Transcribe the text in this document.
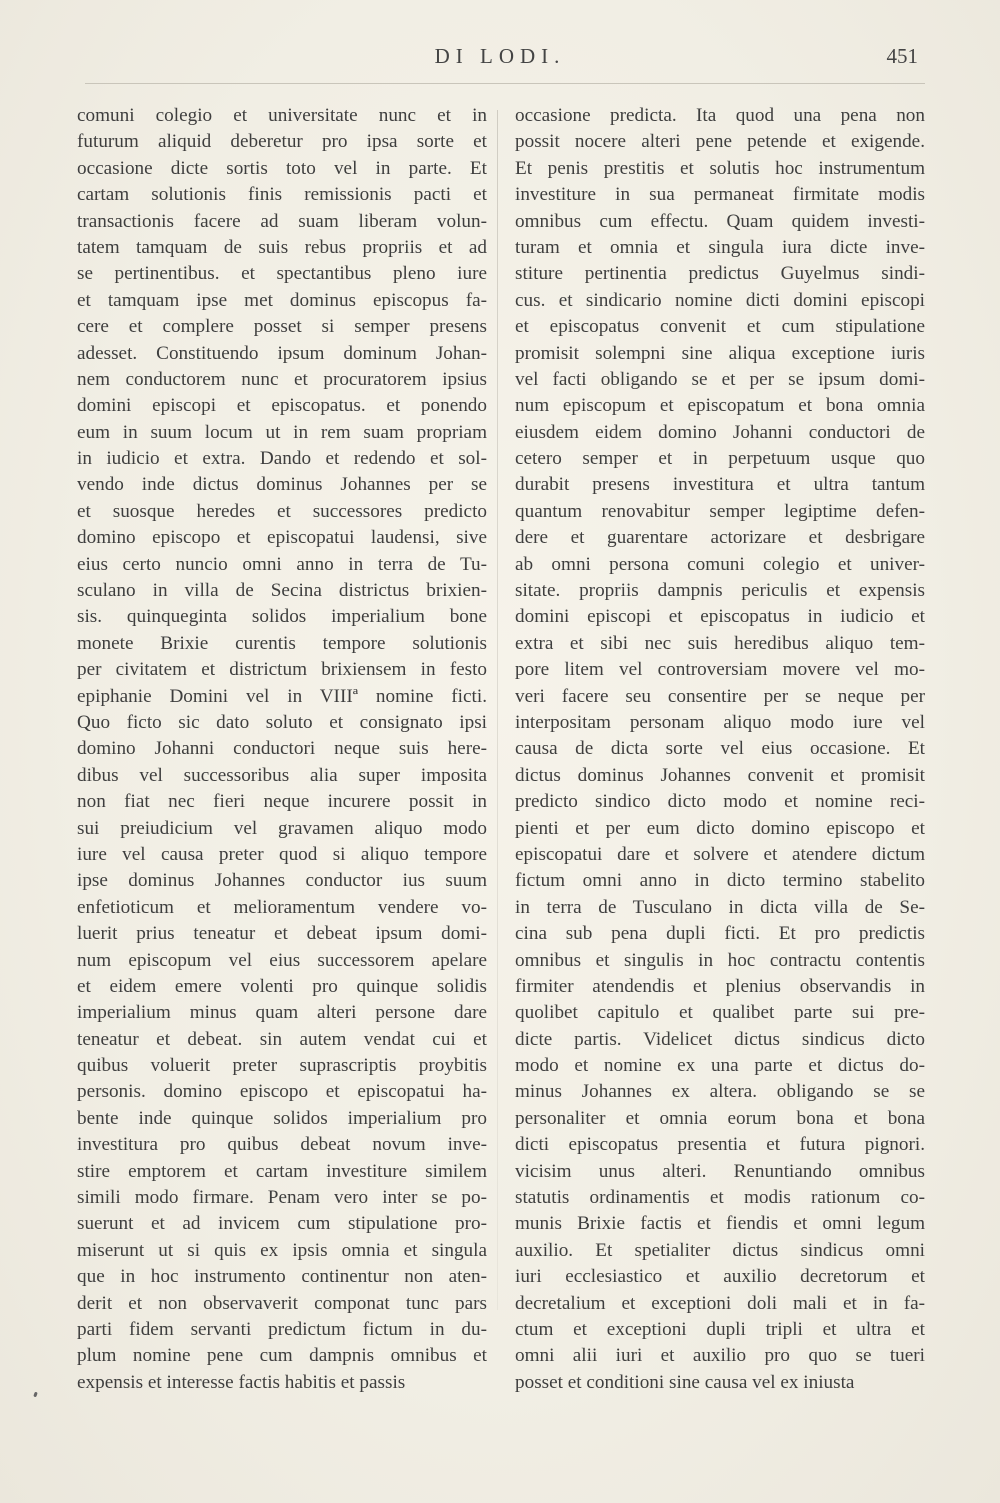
DI LODI.	451
comuni colegio et universitate nunc et in
futurum aliquid deberetur pro ipsa sorte et
occasione dicte sortis toto vel in parte. Et
cartam solutionis finis remissionis pacti et
transactionis facere ad suam liberam volun-
tatem tamquam de suis rebus propriis et ad
se pertinentibus. et spectantibus pleno iure
et tamquam ipse met dominus episcopus fa-
cere et complere posset si semper presens
adesset. Constituendo ipsum dominum Johan-
nem conductorem nunc et procuratorem ipsius
domini episcopi et episcopatus. et ponendo
eum in suum locum ut in rem suam propriam
in iudicio et extra. Dando et redendo et sol-
vendo inde dictus dominus Johannes per se
et suosque heredes et successores predicto
domino episcopo et episcopatui laudensi, sive
eius certo nuncio omni anno in terra de Tu-
sculano in villa de Secina districtus brixien-
sis. quinqueginta solidos imperialium bone
monete Brixie curentis tempore solutionis
per civitatem et districtum brixiensem in festo
epiphanie Domini vel in VIIIª nomine ficti.
Quo ficto sic dato soluto et consignato ipsi
domino Johanni conductori neque suis here-
dibus vel successoribus alia super imposita
non fiat nec fieri neque incurere possit in
sui preiudicium vel gravamen aliquo modo
iure vel causa preter quod si aliquo tempore
ipse dominus Johannes conductor ius suum
enfetioticum et melioramentum vendere vo-
luerit prius teneatur et debeat ipsum domi-
num episcopum vel eius successorem apelare
et eidem emere volenti pro quinque solidis
imperialium minus quam alteri persone dare
teneatur et debeat. sin autem vendat cui et
quibus voluerit preter suprascriptis proybitis
personis. domino episcopo et episcopatui ha-
bente inde quinque solidos imperialium pro
investitura pro quibus debeat novum inve-
stire emptorem et cartam investiture similem
simili modo firmare. Penam vero inter se po-
suerunt et ad invicem cum stipulatione pro-
miserunt ut si quis ex ipsis omnia et singula
que in hoc instrumento continentur non aten-
derit et non observaverit componat tunc pars
parti fidem servanti predictum fictum in du-
plum nomine pene cum dampnis omnibus et
expensis et interesse factis habitis et passis
occasione predicta. Ita quod una pena non
possit nocere alteri pene petende et exigende.
Et penis prestitis et solutis hoc instrumentum
investiture in sua permaneat firmitate modis
omnibus cum effectu. Quam quidem investi-
turam et omnia et singula iura dicte inve-
stiture pertinentia predictus Guyelmus sindi-
cus. et sindicario nomine dicti domini episcopi
et episcopatus convenit et cum stipulatione
promisit solempni sine aliqua exceptione iuris
vel facti obligando se et per se ipsum domi-
num episcopum et episcopatum et bona omnia
eiusdem eidem domino Johanni conductori de
cetero semper et in perpetuum usque quo
durabit presens investitura et ultra tantum
quantum renovabitur semper legiptime defen-
dere et guarentare actorizare et desbrigare
ab omni persona comuni colegio et univer-
sitate. propriis dampnis periculis et expensis
domini episcopi et episcopatus in iudicio et
extra et sibi nec suis heredibus aliquo tem-
pore litem vel controversiam movere vel mo-
veri facere seu consentire per se neque per
interpositam personam aliquo modo iure vel
causa de dicta sorte vel eius occasione. Et
dictus dominus Johannes convenit et promisit
predicto sindico dicto modo et nomine reci-
pienti et per eum dicto domino episcopo et
episcopatui dare et solvere et atendere dictum
fictum omni anno in dicto termino stabelito
in terra de Tusculano in dicta villa de Se-
cina sub pena dupli ficti. Et pro predictis
omnibus et singulis in hoc contractu contentis
firmiter atendendis et plenius observandis in
quolibet capitulo et qualibet parte sui pre-
dicte partis. Videlicet dictus sindicus dicto
modo et nomine ex una parte et dictus do-
minus Johannes ex altera. obligando se se
personaliter et omnia eorum bona et bona
dicti episcopatus presentia et futura pignori.
vicisim unus alteri. Renuntiando omnibus
statutis ordinamentis et modis rationum co-
munis Brixie factis et fiendis et omni legum
auxilio. Et spetialiter dictus sindicus omni
iuri ecclesiastico et auxilio decretorum et
decretalium et exceptioni doli mali et in fa-
ctum et exceptioni dupli tripli et ultra et
omni alii iuri et auxilio pro quo se tueri
posset et conditioni sine causa vel ex iniusta
